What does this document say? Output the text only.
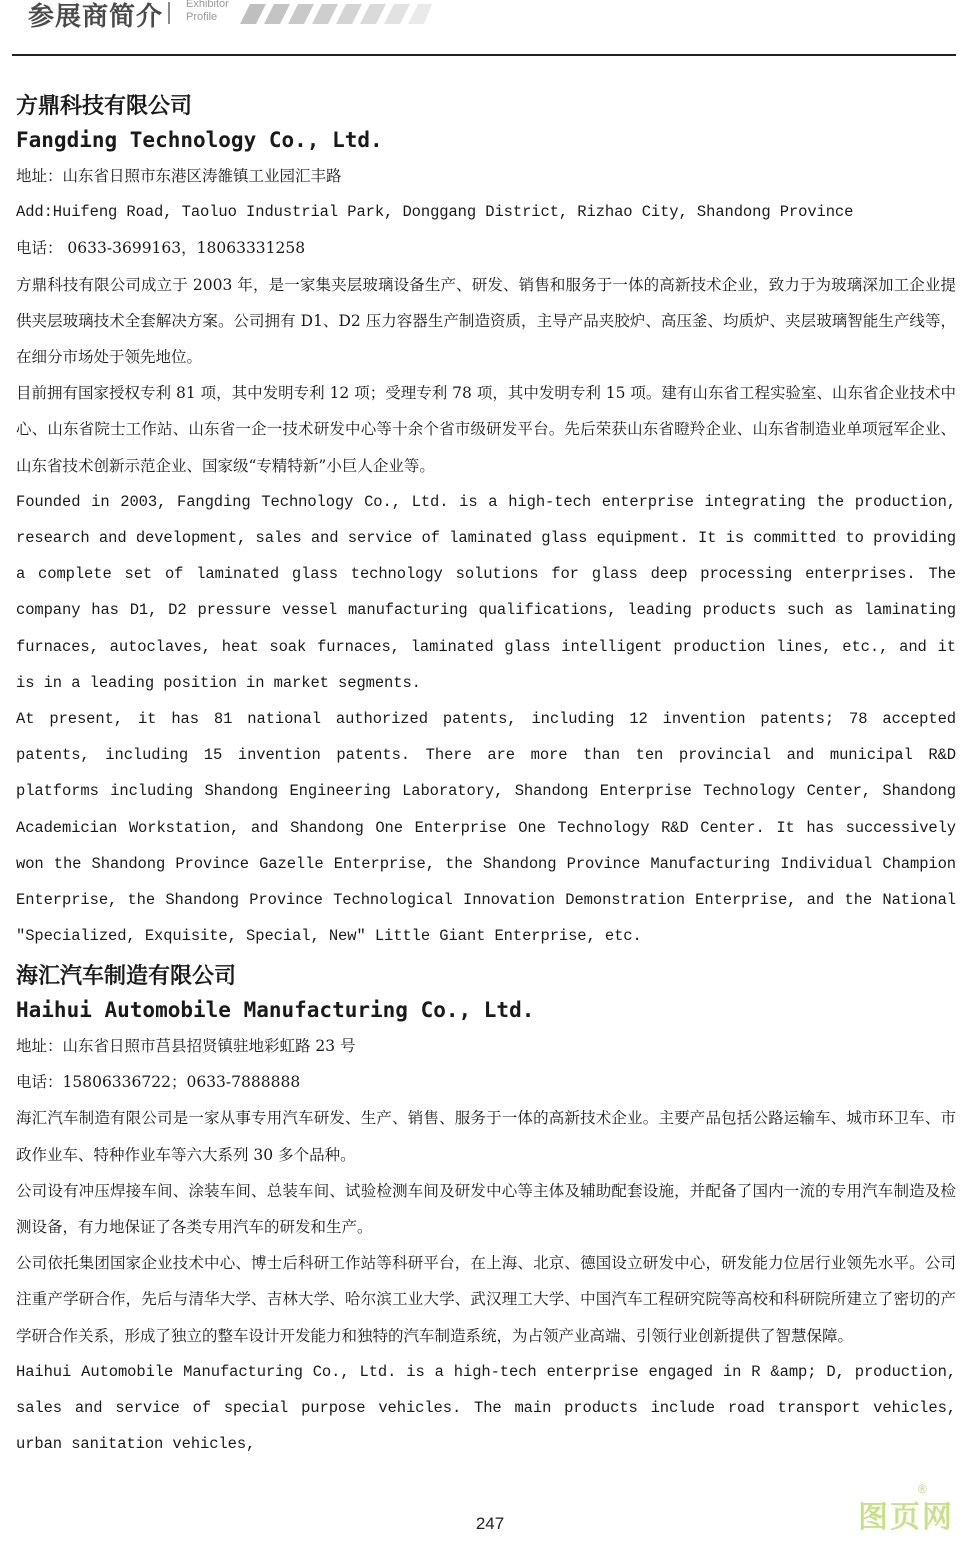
参展商简介 Exhibitor
Profile

方鼎科技有限公司

Fangding Technology Co., Ltd.

地址：山东省日照市东港区涛雒镇工业园汇丰路

Add:Huifeng Road, Taoluo Industrial Park, Donggang District, Rizhao City, Shandong Province

电话： 0633-3699163，18063331258

方鼎科技有限公司成立于 2003 年，是一家集夹层玻璃设备生产、研发、销售和服务于一体的高新技术企业，致力于为玻璃深加工企业提供夹层玻璃技术全套解决方案。公司拥有 D1、D2 压力容器生产制造资质，主导产品夹胶炉、高压釜、均质炉、夹层玻璃智能生产线等，在细分市场处于领先地位。

目前拥有国家授权专利 81 项，其中发明专利 12 项；受理专利 78 项，其中发明专利 15 项。建有山东省工程实验室、山东省企业技术中心、山东省院士工作站、山东省一企一技术研发中心等十余个省市级研发平台。先后荣获山东省瞪羚企业、山东省制造业单项冠军企业、山东省技术创新示范企业、国家级“专精特新”小巨人企业等。

Founded in 2003, Fangding Technology Co., Ltd. is a high-tech enterprise integrating the production, research and development, sales and service of laminated glass equipment. It is committed to providing a complete set of laminated glass technology solutions for glass deep processing enterprises. The company has D1, D2 pressure vessel manufacturing qualifications, leading products such as laminating furnaces, autoclaves, heat soak furnaces, laminated glass intelligent production lines, etc., and it is in a leading position in market segments.

At present, it has 81 national authorized patents, including 12 invention patents; 78 accepted patents, including 15 invention patents. There are more than ten provincial and municipal R&D platforms including Shandong Engineering Laboratory, Shandong Enterprise Technology Center, Shandong Academician Workstation, and Shandong One Enterprise One Technology R&D Center. It has successively won the Shandong Province Gazelle Enterprise, the Shandong Province Manufacturing Individual Champion Enterprise, the Shandong Province Technological Innovation Demonstration Enterprise, and the National "Specialized, Exquisite, Special, New" Little Giant Enterprise, etc.

海汇汽车制造有限公司

Haihui Automobile Manufacturing Co., Ltd.

地址：山东省日照市莒县招贤镇驻地彩虹路 23 号

电话：15806336722；0633-7888888

海汇汽车制造有限公司是一家从事专用汽车研发、生产、销售、服务于一体的高新技术企业。主要产品包括公路运输车、城市环卫车、市政作业车、特种作业车等六大系列 30 多个品种。

公司设有冲压焊接车间、涂装车间、总装车间、试验检测车间及研发中心等主体及辅助配套设施，并配备了国内一流的专用汽车制造及检测设备，有力地保证了各类专用汽车的研发和生产。

公司依托集团国家企业技术中心、博士后科研工作站等科研平台，在上海、北京、德国设立研发中心，研发能力位居行业领先水平。公司注重产学研合作，先后与清华大学、吉林大学、哈尔滨工业大学、武汉理工大学、中国汽车工程研究院等高校和科研院所建立了密切的产学研合作关系，形成了独立的整车设计开发能力和独特的汽车制造系统，为占领产业高端、引领行业创新提供了智慧保障。

Haihui Automobile Manufacturing Co., Ltd. is a high-tech enterprise engaged in R &amp; D, production, sales and service of special purpose vehicles. The main products include road transport vehicles, urban sanitation vehicles,

247	图页网
®
